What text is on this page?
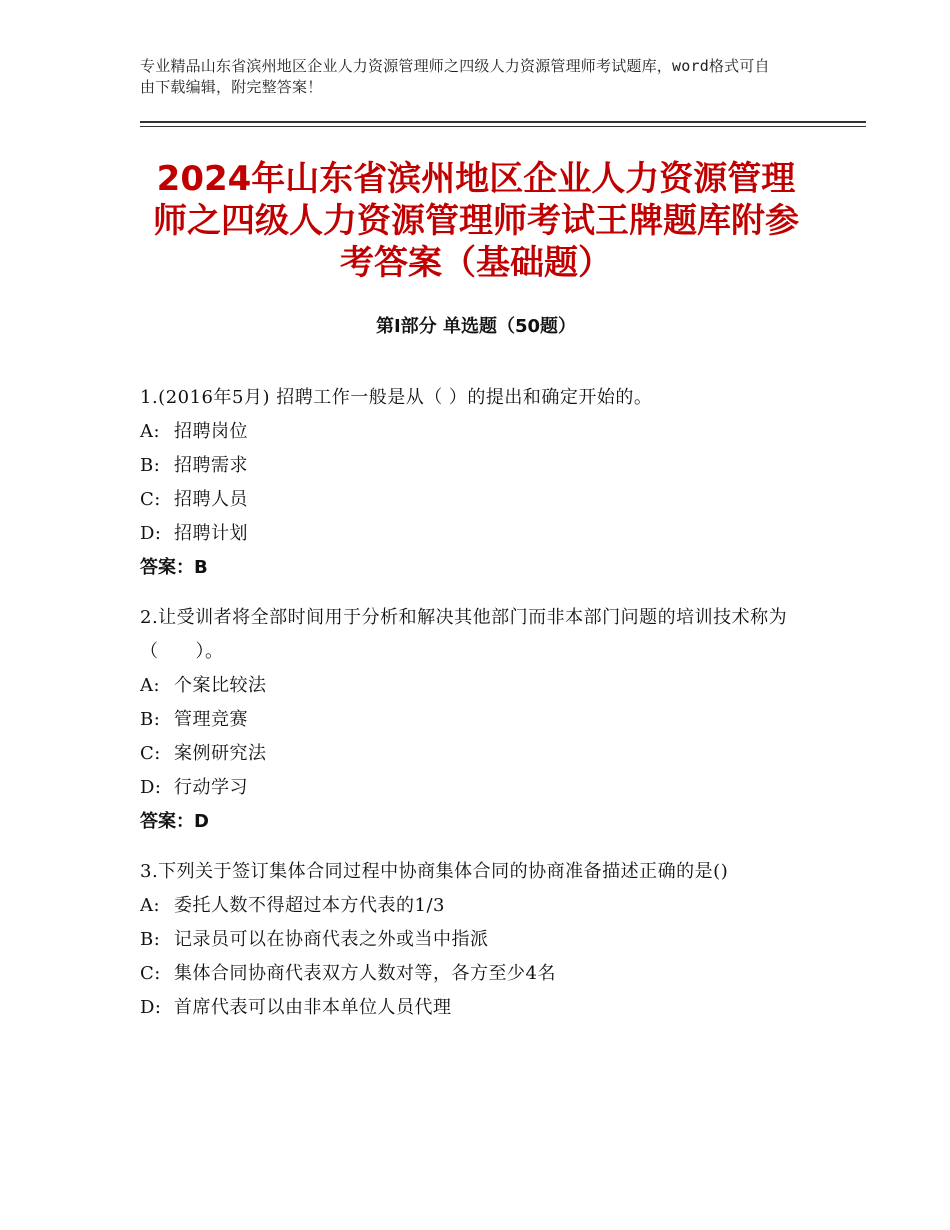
专业精品山东省滨州地区企业人力资源管理师之四级人力资源管理师考试题库，word格式可自由下载编辑，附完整答案！
2024年山东省滨州地区企业人力资源管理师之四级人力资源管理师考试王牌题库附参考答案（基础题）
第Ⅰ部分 单选题（50题）
1.(2016年5月) 招聘工作一般是从（ ）的提出和确定开始的。
A: 招聘岗位
B: 招聘需求
C: 招聘人员
D: 招聘计划
答案：B
2.让受训者将全部时间用于分析和解决其他部门而非本部门问题的培训技术称为（　　）。
A: 个案比较法
B: 管理竞赛
C: 案例研究法
D: 行动学习
答案：D
3.下列关于签订集体合同过程中协商集体合同的协商准备描述正确的是()
A: 委托人数不得超过本方代表的1/3
B: 记录员可以在协商代表之外或当中指派
C: 集体合同协商代表双方人数对等，各方至少4名
D: 首席代表可以由非本单位人员代理
